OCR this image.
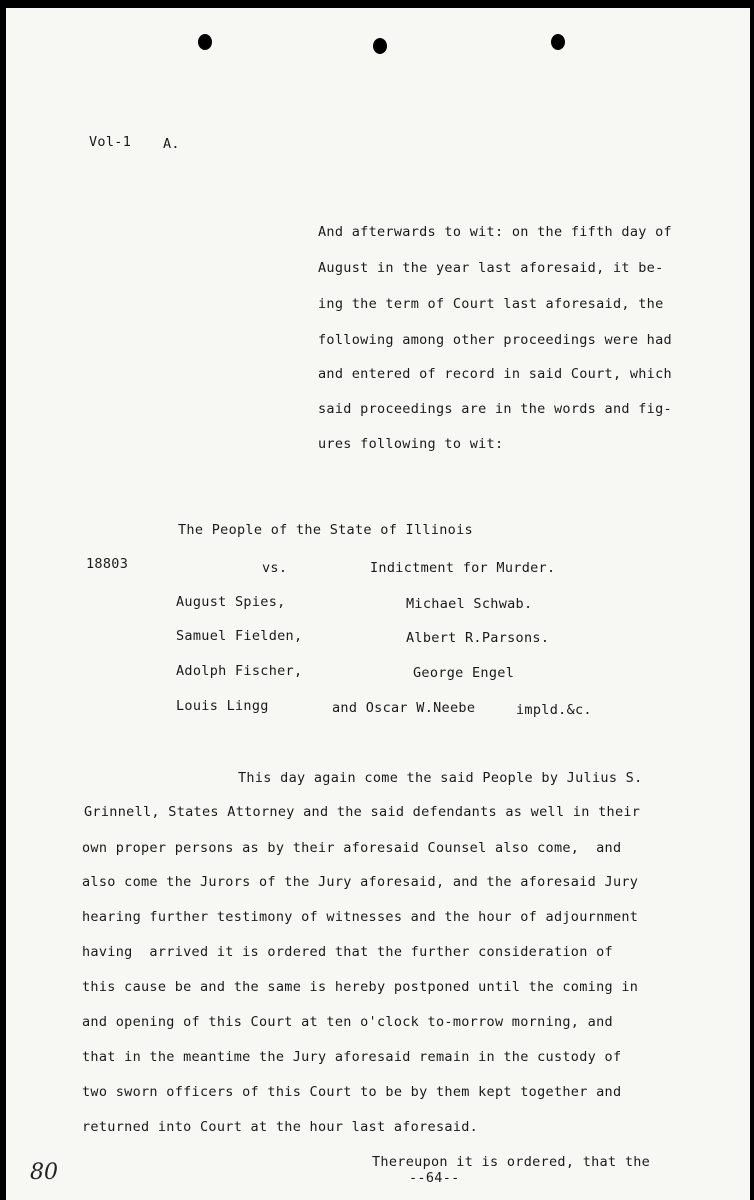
Vol-1 A.
And afterwards to wit: on the fifth day of
August in the year last aforesaid, it be-
ing the term of Court last aforesaid, the
following among other proceedings were had
and entered of record in said Court, which
said proceedings are in the words and fig-
ures following to wit:
The People of the State of Illinois
18803	vs.	Indictment for Murder.
August Spies,	Michael Schwab.
Samuel Fielden,	Albert R.Parsons.
Adolph Fischer,	George Engel
Louis Lingg	and Oscar W.Neebe	impld.&c.
This day again come the said People by Julius S.
Grinnell, States Attorney and the said defendants as well in their
own proper persons as by their aforesaid Counsel also come,  and
also come the Jurors of the Jury aforesaid, and the aforesaid Jury
hearing further testimony of witnesses and the hour of adjournment
having  arrived it is ordered that the further consideration of
this cause be and the same is hereby postponed until the coming in
and opening of this Court at ten o'clock to-morrow morning, and
that in the meantime the Jury aforesaid remain in the custody of
two sworn officers of this Court to be by them kept together and
returned into Court at the hour last aforesaid.
Thereupon it is ordered, that the
--64--
80
